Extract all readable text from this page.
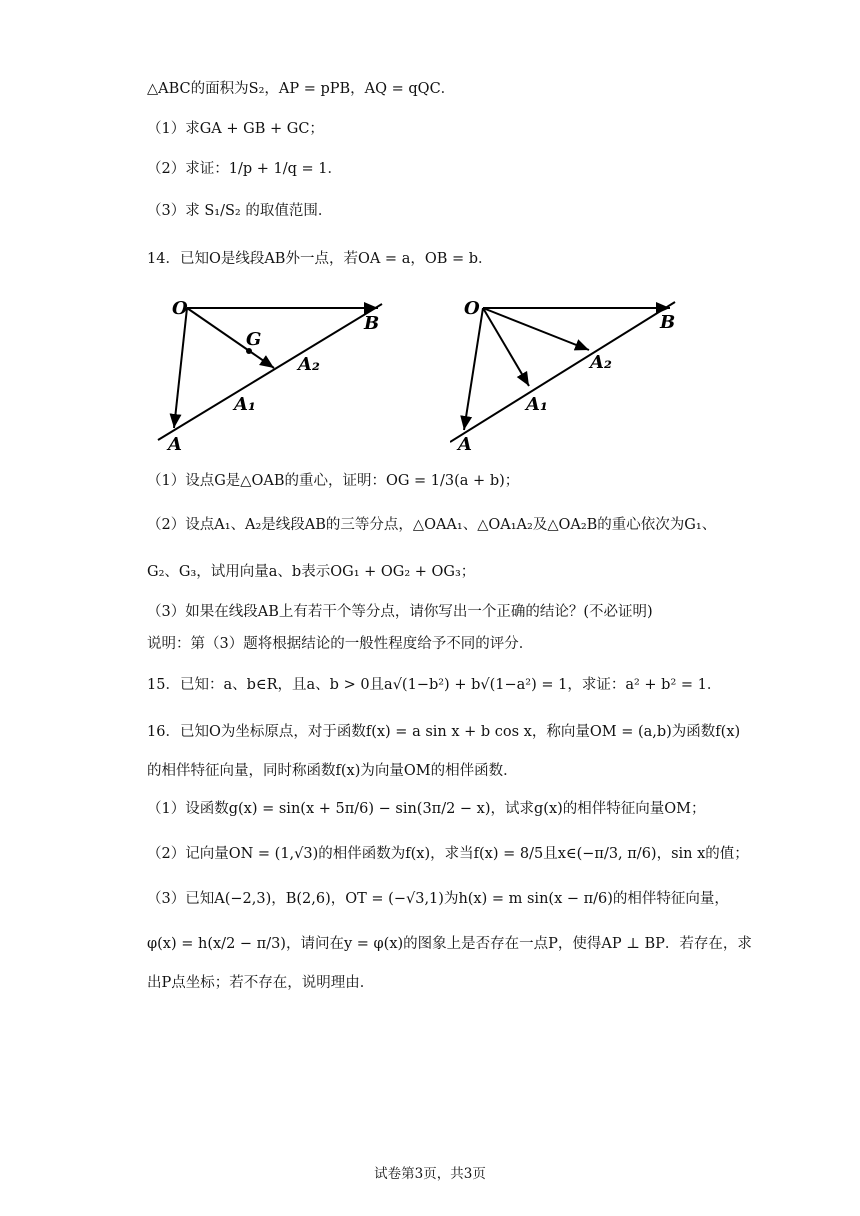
△ABC的面积为S₂，AP = pPB，AQ = qQC．
（1）求GA + GB + GC；
（2）求证：1/p + 1/q = 1．
（3）求 S₁/S₂ 的取值范围．
14．已知O是线段AB外一点，若OA = a，OB = b．
O
B
G
A₂
A₁
A
O
B
A₂
A₁
A
（1）设点G是△OAB的重心，证明：OG = 1/3(a + b)；
（2）设点A₁、A₂是线段AB的三等分点，△OAA₁、△OA₁A₂及△OA₂B的重心依次为G₁、
G₂、G₃，试用向量a、b表示OG₁ + OG₂ + OG₃；
（3）如果在线段AB上有若干个等分点，请你写出一个正确的结论？(不必证明)
说明：第（3）题将根据结论的一般性程度给予不同的评分．
15．已知：a、b∈R，且a、b > 0且a√(1−b²) + b√(1−a²) = 1，求证：a² + b² = 1．
16．已知O为坐标原点，对于函数f(x) = a sin x + b cos x，称向量OM = (a,b)为函数f(x)
的相伴特征向量，同时称函数f(x)为向量OM的相伴函数．
（1）设函数g(x) = sin(x + 5π/6) − sin(3π/2 − x)，试求g(x)的相伴特征向量OM；
（2）记向量ON = (1,√3)的相伴函数为f(x)，求当f(x) = 8/5且x∈(−π/3, π/6)，sin x的值；
（3）已知A(−2,3)，B(2,6)，OT = (−√3,1)为h(x) = m sin(x − π/6)的相伴特征向量，
φ(x) = h(x/2 − π/3)，请问在y = φ(x)的图象上是否存在一点P，使得AP ⊥ BP．若存在，求
出P点坐标；若不存在，说明理由．
试卷第3页，共3页
